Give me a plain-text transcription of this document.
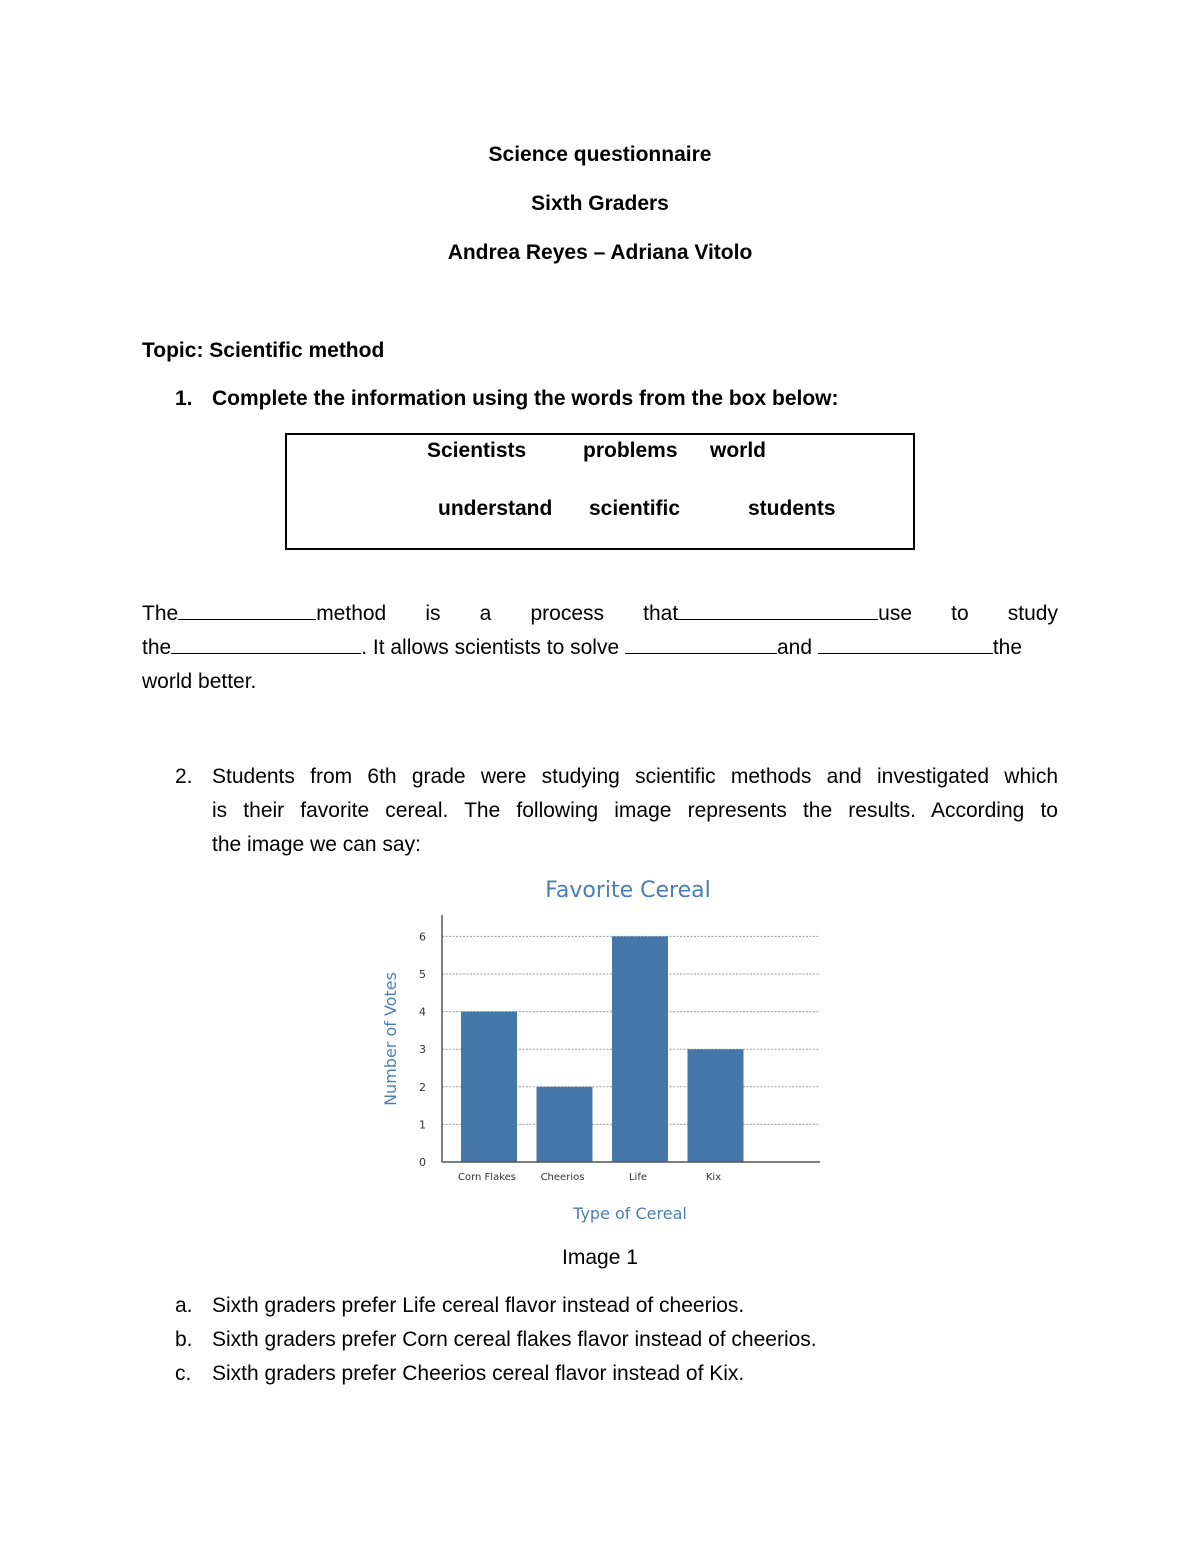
Science questionnaire
Sixth Graders
Andrea Reyes – Adriana Vitolo
Topic: Scientific method
1. Complete the information using the words from the box below:
Scientists	problems world
understand scientific	students
The	method is a process that	use to study
the	. It allows scientists to solve	and	the
world better.
2. Students from 6th grade were studying scientific methods and investigated which
is their favorite cereal. The following image represents the results. According to
the image we can say:
Favorite Cereal
0
1
2
3
4
5
6
Corn Flakes Cheerios	Life	Kix
Type of Cereal
Number of Votes
Image 1
a. Sixth graders prefer Life cereal flavor instead of cheerios.
b. Sixth graders prefer Corn cereal flakes flavor instead of cheerios.
c. Sixth graders prefer Cheerios cereal flavor instead of Kix.
